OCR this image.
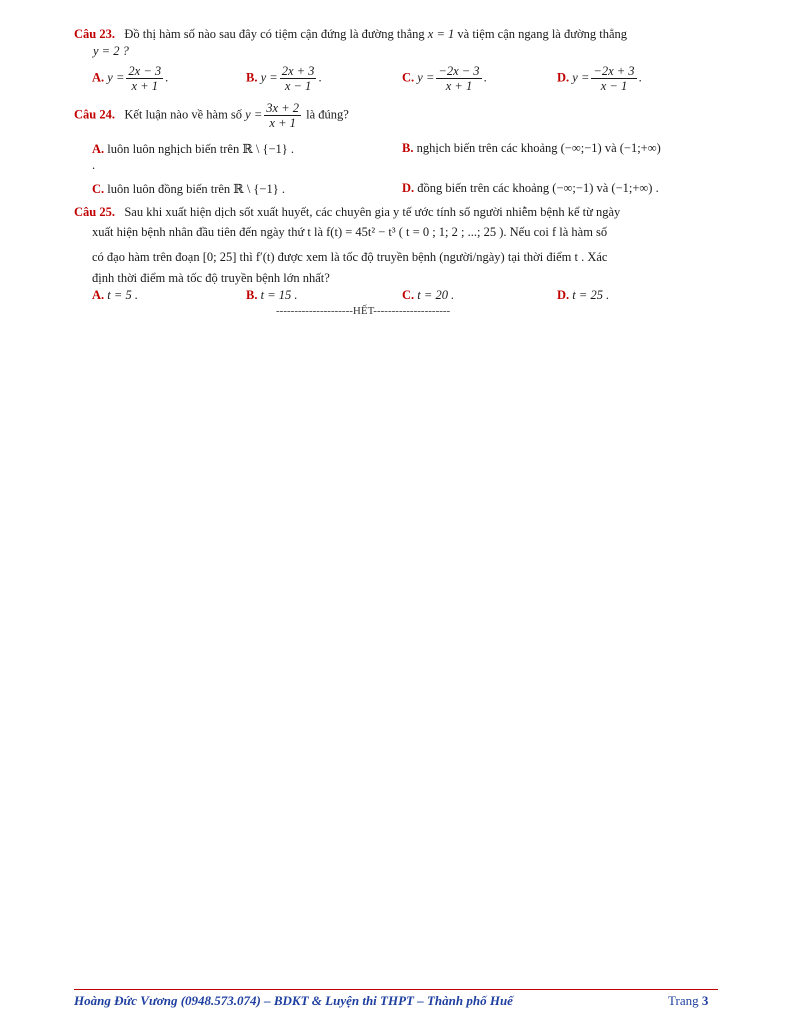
Câu 23. Đồ thị hàm số nào sau đây có tiệm cận đứng là đường thẳng x = 1 và tiệm cận ngang là đường thẳng
y = 2 ?
A. $y = \frac{2x - 3}{x + 1}$ .	B. $y = \frac{2x + 3}{x - 1}$ .	C. $y = \frac{-2x - 3}{x + 1}$ .	D. $y = \frac{-2x + 3}{x - 1}$ .
Câu 24. Kết luận nào về hàm số $y = \frac{3x + 2}{x + 1}$ là đúng?
A. luôn luôn nghịch biến trên ℝ \ {−1} .	B. nghịch biến trên các khoảng (−∞;−1) và (−1;+∞)
.
C. luôn luôn đồng biến trên ℝ \ {−1} .	D. đồng biến trên các khoảng (−∞;−1) và (−1;+∞) .
Câu 25. Sau khi xuất hiện dịch sốt xuất huyết, các chuyên gia y tế ước tính số người nhiễm bệnh kể từ ngày
xuất hiện bệnh nhân đầu tiên đến ngày thứ t là f(t) = 45t² − t³ ( t = 0 ; 1; 2 ; ...; 25 ). Nếu coi f là hàm số
có đạo hàm trên đoạn [0; 25] thì f′(t) được xem là tốc độ truyền bệnh (người/ngày) tại thời điểm t . Xác
định thời điểm mà tốc độ truyền bệnh lớn nhất?
A. t = 5 .	B. t = 15 .	C. t = 20 .	D. t = 25 .
---------------------HẾT---------------------
Hoàng Đức Vương (0948.573.074) – BDKT & Luyện thi THPT – Thành phố Huế	Trang 3
